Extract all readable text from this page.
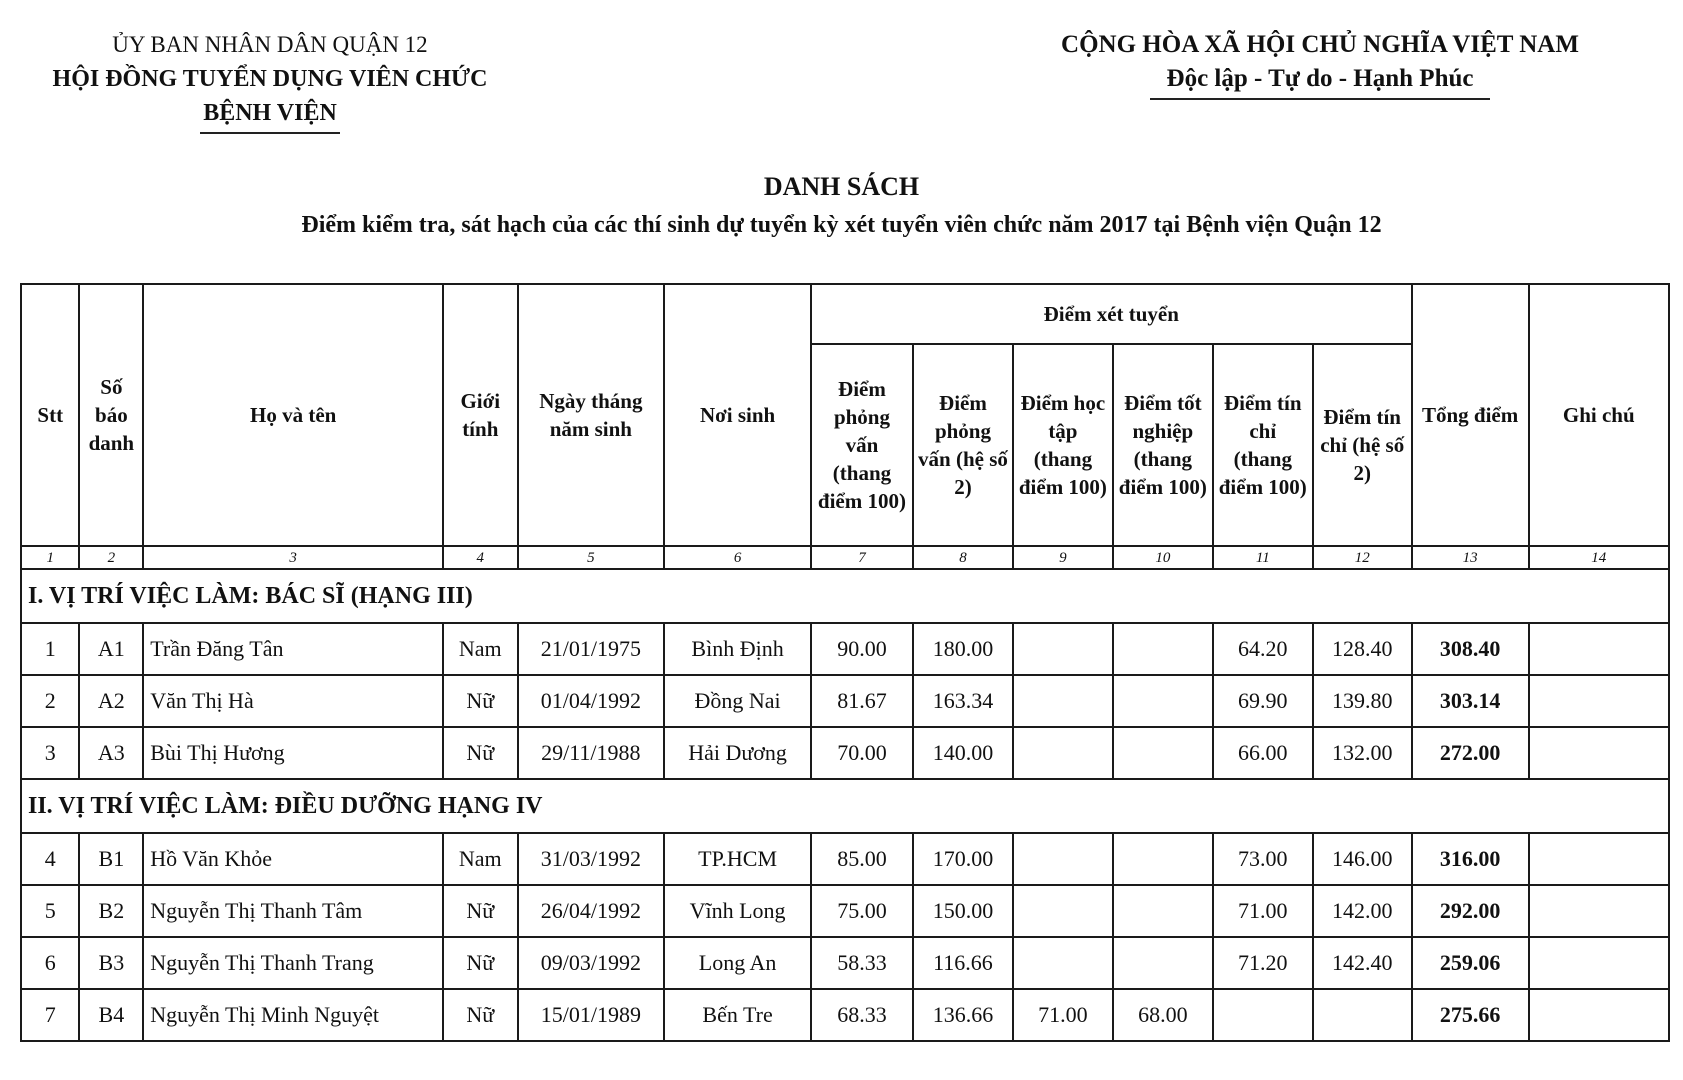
ỦY BAN NHÂN DÂN QUẬN 12
HỘI ĐỒNG TUYỂN DỤNG VIÊN CHỨC
BỆNH VIỆN
CỘNG HÒA XÃ HỘI CHỦ NGHĨA VIỆT NAM
Độc lập - Tự do - Hạnh Phúc
DANH SÁCH
Điểm kiểm tra, sát hạch của các thí sinh dự tuyển kỳ xét tuyển viên chức năm 2017 tại Bệnh viện Quận 12
Stt	Số báo danh	Họ và tên	Giới tính	Ngày tháng năm sinh	Nơi sinh	Điểm xét tuyển						Tổng điểm	Ghi chú
						Điểm phỏng vấn (thang điểm 100)	Điểm phỏng vấn (hệ số 2)	Điểm học tập (thang điểm 100)	Điểm tốt nghiệp (thang điểm 100)	Điểm tín chỉ (thang điểm 100)	Điểm tín chỉ (hệ số 2)		
1	2	3	4	5	6	7	8	9	10	11	12	13	14
I. VỊ TRÍ VIỆC LÀM: BÁC SĨ (HẠNG III)													
1	A1	Trần Đăng Tân	Nam	21/01/1975	Bình Định	90.00	180.00			64.20	128.40	308.40	
2	A2	Văn Thị Hà	Nữ	01/04/1992	Đồng Nai	81.67	163.34			69.90	139.80	303.14	
3	A3	Bùi Thị Hương	Nữ	29/11/1988	Hải Dương	70.00	140.00			66.00	132.00	272.00	
II. VỊ TRÍ VIỆC LÀM: ĐIỀU DƯỠNG HẠNG IV													
4	B1	Hồ Văn Khỏe	Nam	31/03/1992	TP.HCM	85.00	170.00			73.00	146.00	316.00	
5	B2	Nguyễn Thị Thanh Tâm	Nữ	26/04/1992	Vĩnh Long	75.00	150.00			71.00	142.00	292.00	
6	B3	Nguyễn Thị Thanh Trang	Nữ	09/03/1992	Long An	58.33	116.66			71.20	142.40	259.06	
7	B4	Nguyễn Thị Minh Nguyệt	Nữ	15/01/1989	Bến Tre	68.33	136.66	71.00	68.00			275.66	
